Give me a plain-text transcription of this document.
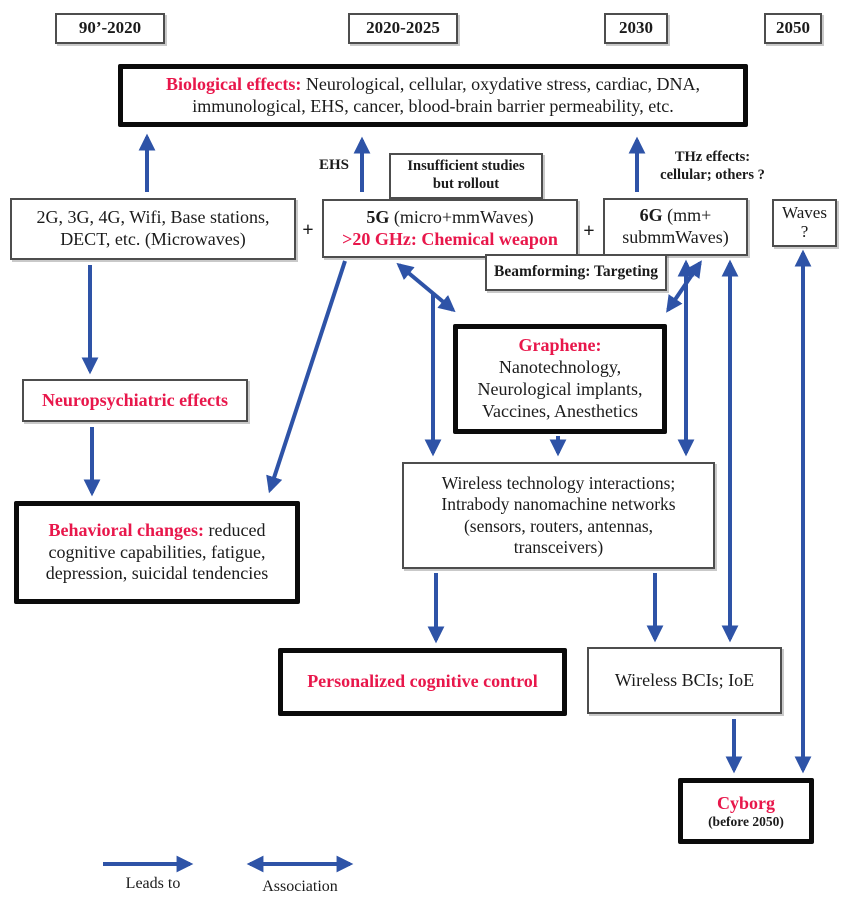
90’-2020	2020-2025	2030	2050
Biological effects: Neurological, cellular, oxydative stress, cardiac, DNA,
immunological, EHS, cancer, blood-brain barrier permeability, etc.
EHS	Insufficient studies
but rollout
THz effects:
cellular; others ?
2G, 3G, 4G, Wifi, Base stations,
DECT, etc. (Microwaves)	+
5G (micro+mmWaves)
>20 GHz: Chemical weapon +
6G (mm+
submmWaves)
Waves
?
Beamforming: Targeting
Neuropsychiatric effects
Graphene:
Nanotechnology,
Neurological implants,
Vaccines, Anesthetics
Behavioral changes: reduced
cognitive capabilities, fatigue,
depression, suicidal tendencies
Wireless technology interactions;
Intrabody nanomachine networks
(sensors, routers, antennas,
transceivers)
Personalized cognitive control	Wireless BCIs; IoE
Cyborg
(before 2050)
Leads to	Association
